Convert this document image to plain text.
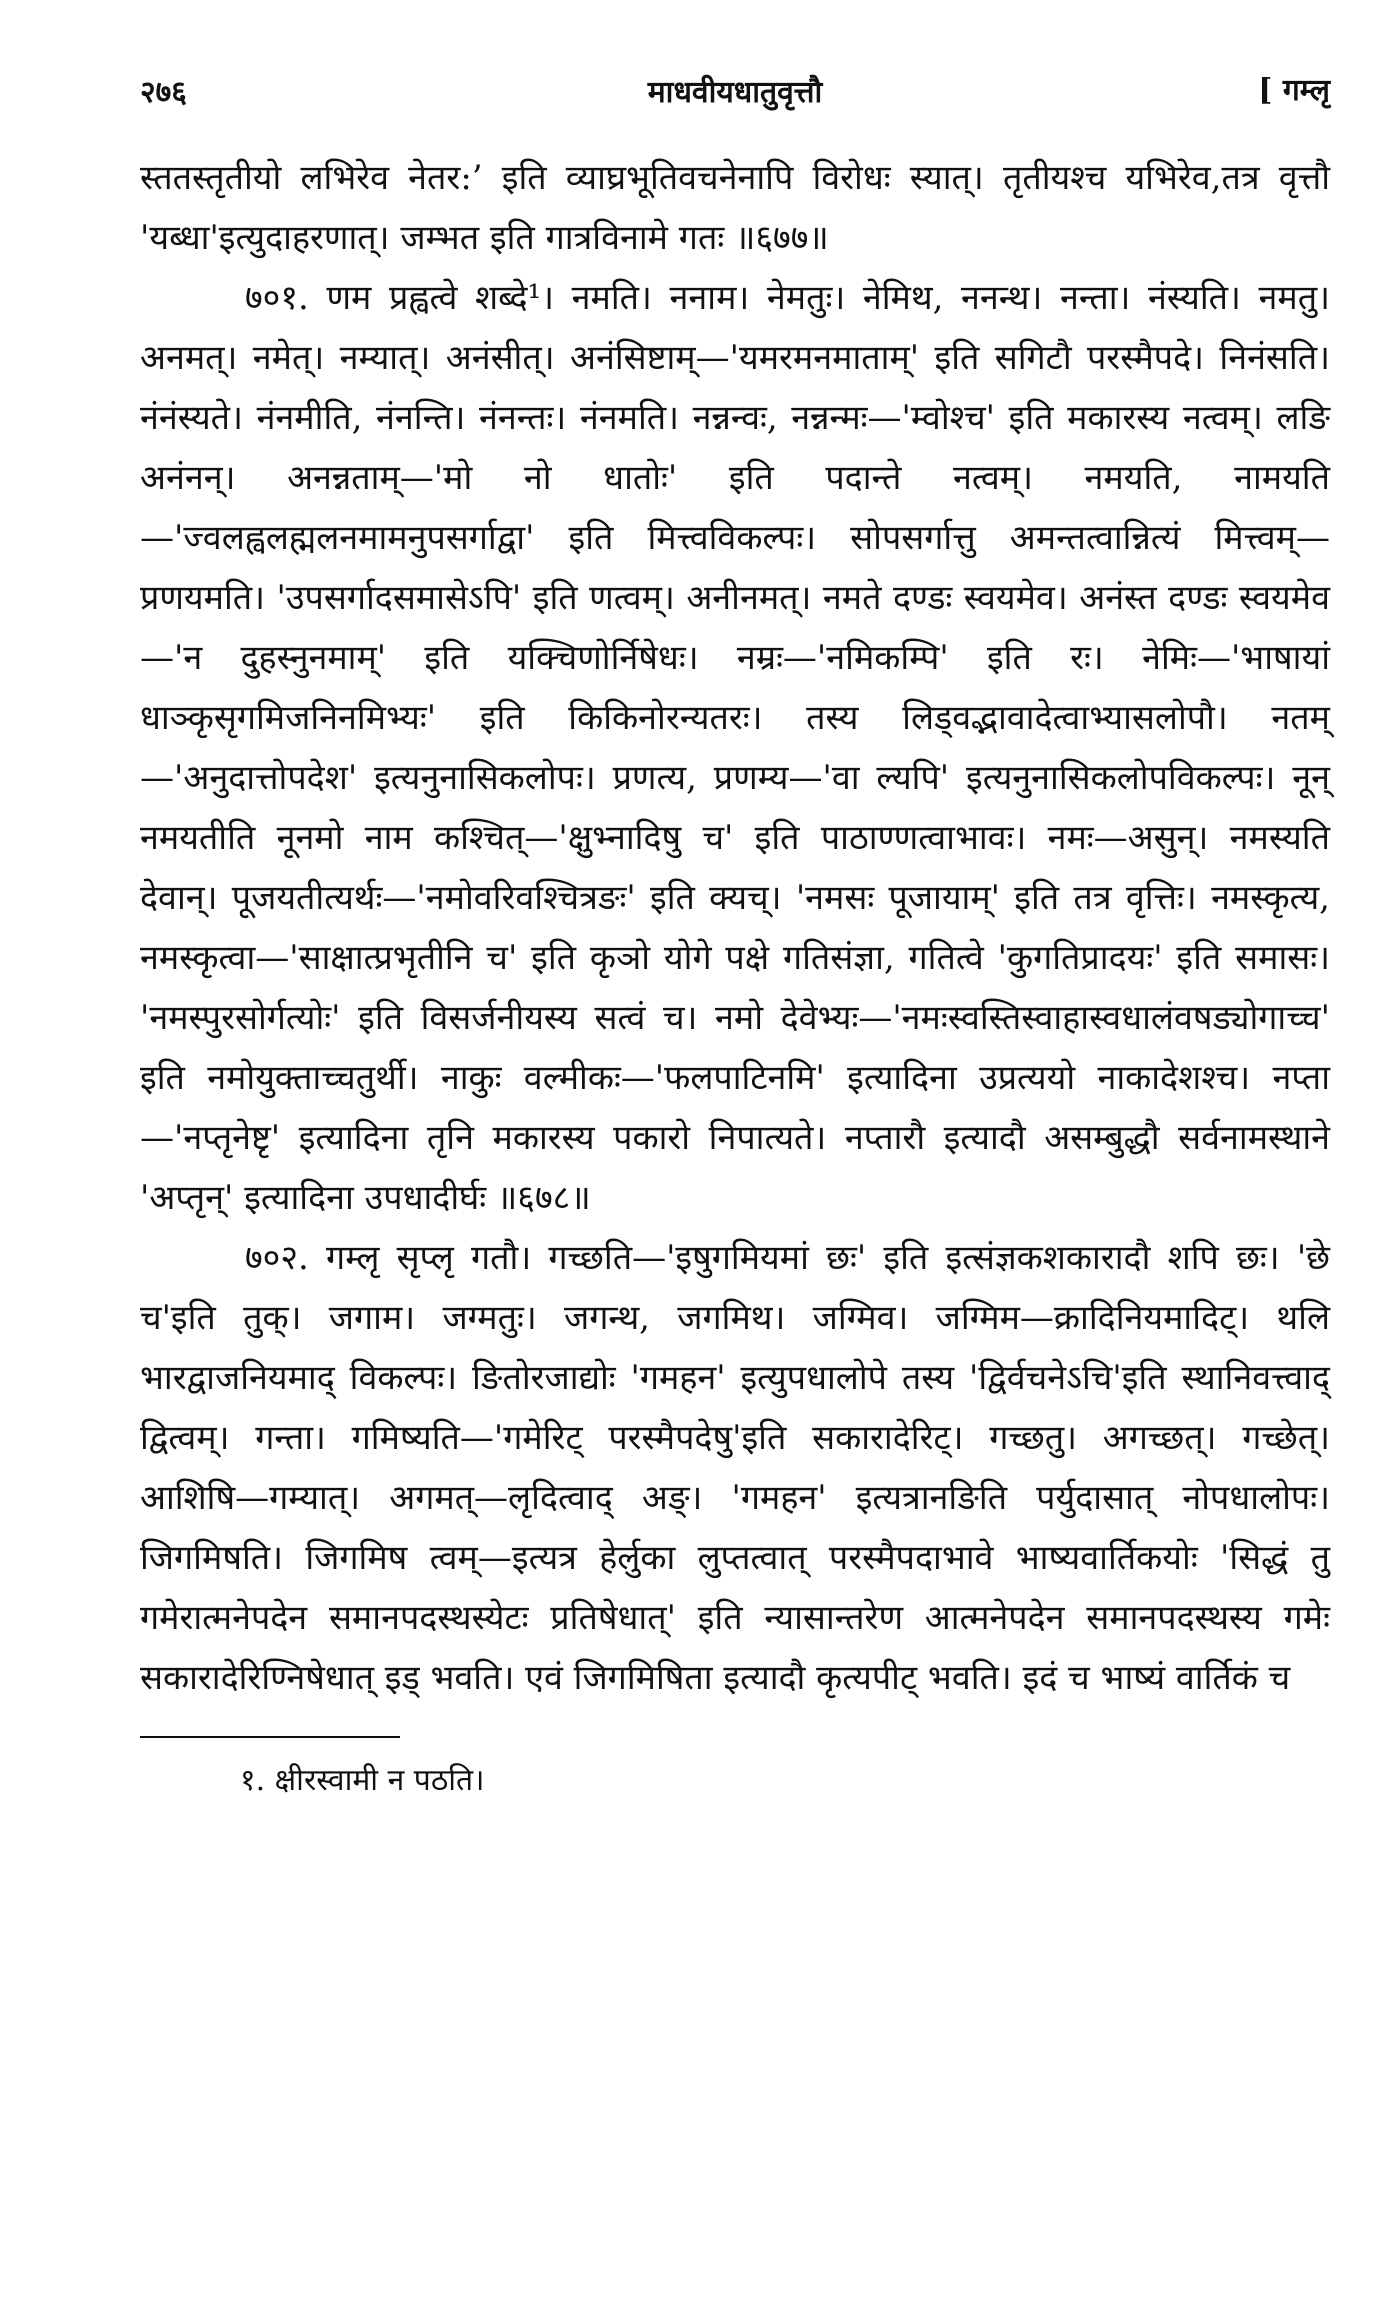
२७६	माधवीयधातुवृत्तौ	[ गम्लृ

स्ततस्तृतीयो लभिरेव नेतर:’ इति व्याघ्रभूतिवचनेनापि विरोधः स्यात्। तृतीयश्च यभिरेव,तत्र वृत्तौ 'यब्धा'इत्युदाहरणात्। जम्भत इति गात्रविनामे गतः ॥६७७॥

७०१. णम प्रह्वत्वे शब्दे¹। नमति। ननाम। नेमतुः। नेमिथ, ननन्थ। नन्ता। नंस्यति। नमतु। अनमत्। नमेत्। नम्यात्। अनंसीत्। अनंसिष्टाम्—'यमरमनमाताम्' इति सगिटौ परस्मैपदे। निनंसति। नंनंस्यते। नंनमीति, नंनन्ति। नंनन्तः। नंनमति। नन्नन्वः, नन्नन्मः—'म्वोश्च' इति मकारस्य नत्वम्। लङि अनंनन्। अनन्नताम्—'मो नो धातोः' इति पदान्ते नत्वम्। नमयति, नामयति—'ज्वलह्वलह्मलनमामनुपसर्गाद्वा' इति मित्त्वविकल्पः। सोपसर्गात्तु अमन्तत्वान्नित्यं मित्त्वम्—प्रणयमति। 'उपसर्गादसमासेऽपि' इति णत्वम्। अनीनमत्। नमते दण्डः स्वयमेव। अनंस्त दण्डः स्वयमेव—'न दुहस्नुनमाम्' इति यक्चिणोर्निषेधः। नम्रः—'नमिकम्पि' इति रः। नेमिः—'भाषायां धाञ्कृसृगमिजनिनमिभ्यः' इति किकिनोरन्यतरः। तस्य लिड्वद्भावादेत्वाभ्यासलोपौ। नतम्—'अनुदात्तोपदेश' इत्यनुनासिकलोपः। प्रणत्य, प्रणम्य—'वा ल्यपि' इत्यनुनासिकलोपविकल्पः। नून् नमयतीति नूनमो नाम कश्चित्—'क्षुभ्नादिषु च' इति पाठाण्णत्वाभावः। नमः—असुन्। नमस्यति देवान्। पूजयतीत्यर्थः—'नमोवरिवश्चित्रङः' इति क्यच्। 'नमसः पूजायाम्' इति तत्र वृत्तिः। नमस्कृत्य, नमस्कृत्वा—'साक्षात्प्रभृतीनि च' इति कृञो योगे पक्षे गतिसंज्ञा, गतित्वे 'कुगतिप्रादयः' इति समासः। 'नमस्पुरसोर्गत्योः' इति विसर्जनीयस्य सत्वं च। नमो देवेभ्यः—'नमःस्वस्तिस्वाहास्वधालंवषड्योगाच्च' इति नमोयुक्ताच्चतुर्थी। नाकुः वल्मीकः—'फलपाटिनमि' इत्यादिना उप्रत्ययो नाकादेशश्च। नप्ता—'नप्तृनेष्टृ' इत्यादिना तृनि मकारस्य पकारो निपात्यते। नप्तारौ इत्यादौ असम्बुद्धौ सर्वनामस्थाने 'अप्तृन्' इत्यादिना उपधादीर्घः ॥६७८॥

७०२. गम्लृ सृप्लृ गतौ। गच्छति—'इषुगमियमां छः' इति इत्संज्ञकशकारादौ शपि छः। 'छे च'इति तुक्। जगाम। जग्मतुः। जगन्थ, जगमिथ। जग्मिव। जग्मिम—क्रादिनियमादिट्। थलि भारद्वाजनियमाद् विकल्पः। ङितोरजाद्योः 'गमहन' इत्युपधालोपे तस्य 'द्विर्वचनेऽचि'इति स्थानिवत्त्वाद् द्वित्वम्। गन्ता। गमिष्यति—'गमेरिट् परस्मैपदेषु'इति सकारादेरिट्। गच्छतु। अगच्छत्। गच्छेत्। आशिषि—गम्यात्। अगमत्—लृदित्वाद् अङ्। 'गमहन' इत्यत्रानङिति पर्युदासात् नोपधालोपः। जिगमिषति। जिगमिष त्वम्—इत्यत्र हेर्लुका लुप्तत्वात् परस्मैपदाभावे भाष्यवार्तिकयोः 'सिद्धं तु गमेरात्मनेपदेन समानपदस्थस्येटः प्रतिषेधात्' इति न्यासान्तरेण आत्मनेपदेन समानपदस्थस्य गमेः सकारादेरिण्निषेधात् इड् भवति। एवं जिगमिषिता इत्यादौ कृत्यपीट् भवति। इदं च भाष्यं वार्तिकं च

१. क्षीरस्वामी न पठति।
